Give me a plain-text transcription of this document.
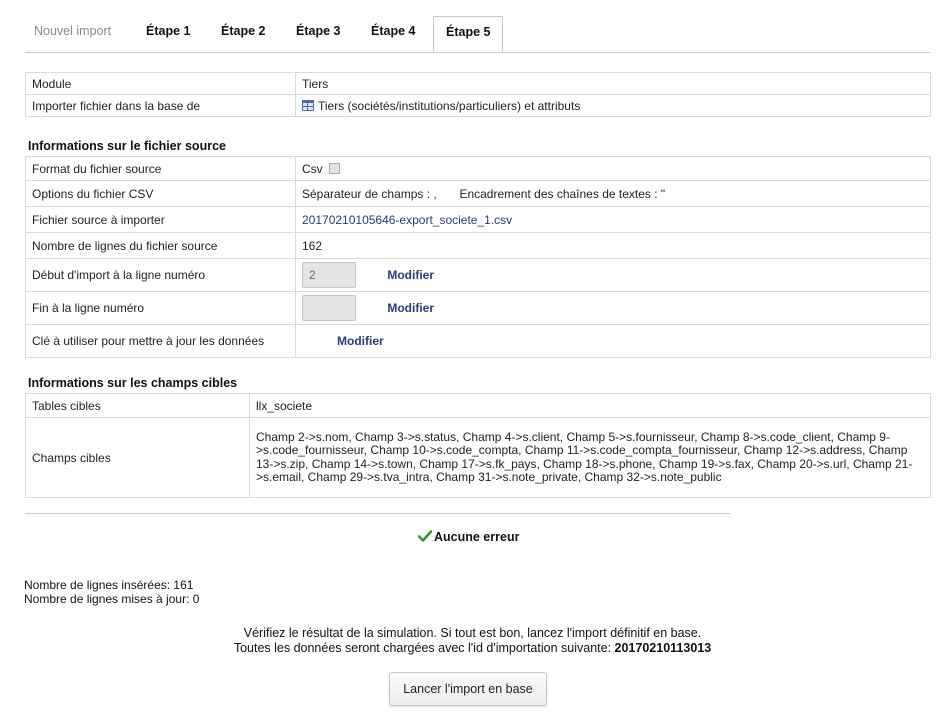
Nouvel import	Étape 1 Étape 2 Étape 3 Étape 4	Étape 5
Module	Tiers
Importer fichier dans la base de	Tiers (sociétés/institutions/particuliers) et attributs
Informations sur le fichier source
Format du fichier source	Csv
Options du fichier CSV	Séparateur de champs : , Encadrement des chaînes de textes : "
Fichier source à importer	20170210105646-export_societe_1.csv
Nombre de lignes du fichier source	162
Début d'import à la ligne numéro	2 Modifier
Fin à la ligne numéro	Modifier
Clé à utiliser pour mettre à jour les données	Modifier
Informations sur les champs cibles
Tables cibles	llx_societe
Champs cibles	Champ 2->s.nom, Champ 3->s.status, Champ 4->s.client, Champ 5->s.fournisseur, Champ 8->s.code_client, Champ 9->s.code_fournisseur, Champ 10->s.code_compta, Champ 11->s.code_compta_fournisseur, Champ 12->s.address, Champ 13->s.zip, Champ 14->s.town, Champ 17->s.fk_pays, Champ 18->s.phone, Champ 19->s.fax, Champ 20->s.url, Champ 21->s.email, Champ 29->s.tva_intra, Champ 31->s.note_private, Champ 32->s.note_public
Aucune erreur
Nombre de lignes insérées: 161
Nombre de lignes mises à jour: 0
Vérifiez le résultat de la simulation. Si tout est bon, lancez l'import définitif en base.
Toutes les données seront chargées avec l'id d'importation suivante: 20170210113013
Lancer l'import en base
